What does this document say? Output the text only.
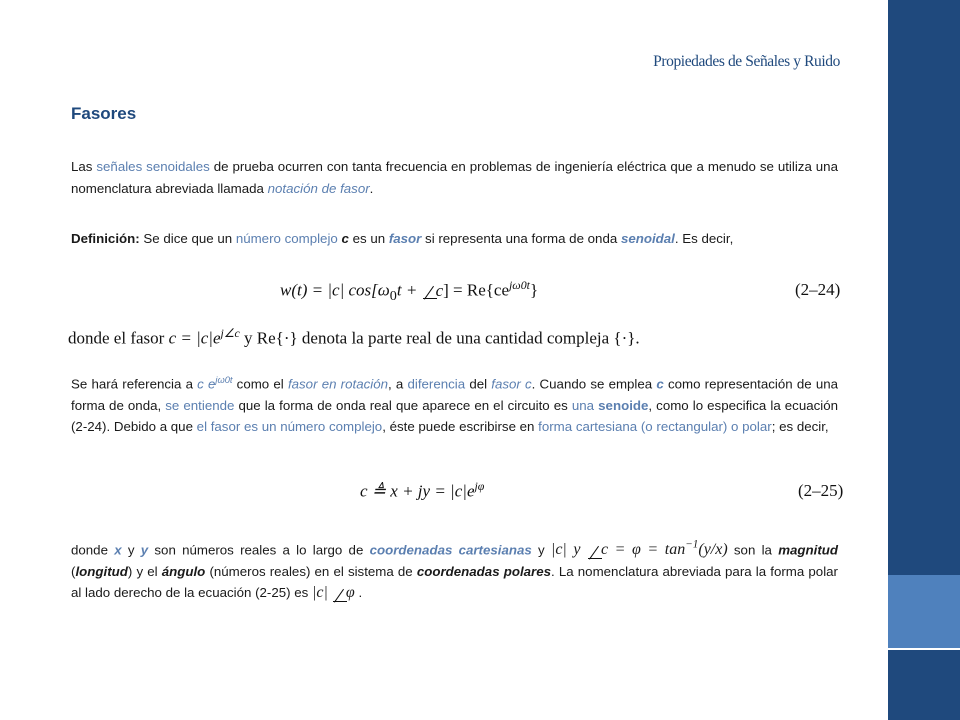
Propiedades de Señales y Ruido
Fasores
Las señales senoidales de prueba ocurren con tanta frecuencia en problemas de ingeniería eléctrica que a menudo se utiliza una nomenclatura abreviada llamada notación de fasor.
Definición: Se dice que un número complejo c es un fasor si representa una forma de onda senoidal. Es decir,
w(t) = |c| $\cos[\omega_0t + c] = Re\{ce^{j\omega 0t}\}$	(2–24)
donde el fasor $c = |c|e^{j\angle c}$ y Re{·} denota la parte real de una cantidad compleja {·}.
Se hará referencia a c $e^{j\omega 0t}$ como el fasor en rotación, a diferencia del fasor c. Cuando se emplea c como representación de una forma de onda, se entiende que la forma de onda real que aparece en el circuito es una senoide, como lo especifica la ecuación (2-24). Debido a que el fasor es un número complejo, éste puede escribirse en forma cartesiana (o rectangular) o polar; es decir,
c ≜ x + jy = $|c|e^{j\varphi}$	(2–25)
donde x y y son números reales a lo largo de coordenadas cartesianas y |c| y $c = \varphi = \tan^{-1}(y/x)$ son la magnitud (longitud) y el ángulo (números reales) en el sistema de coordenadas polares. La nomenclatura abreviada para la forma polar al lado derecho de la ecuación (2-25) es |c| φ .
